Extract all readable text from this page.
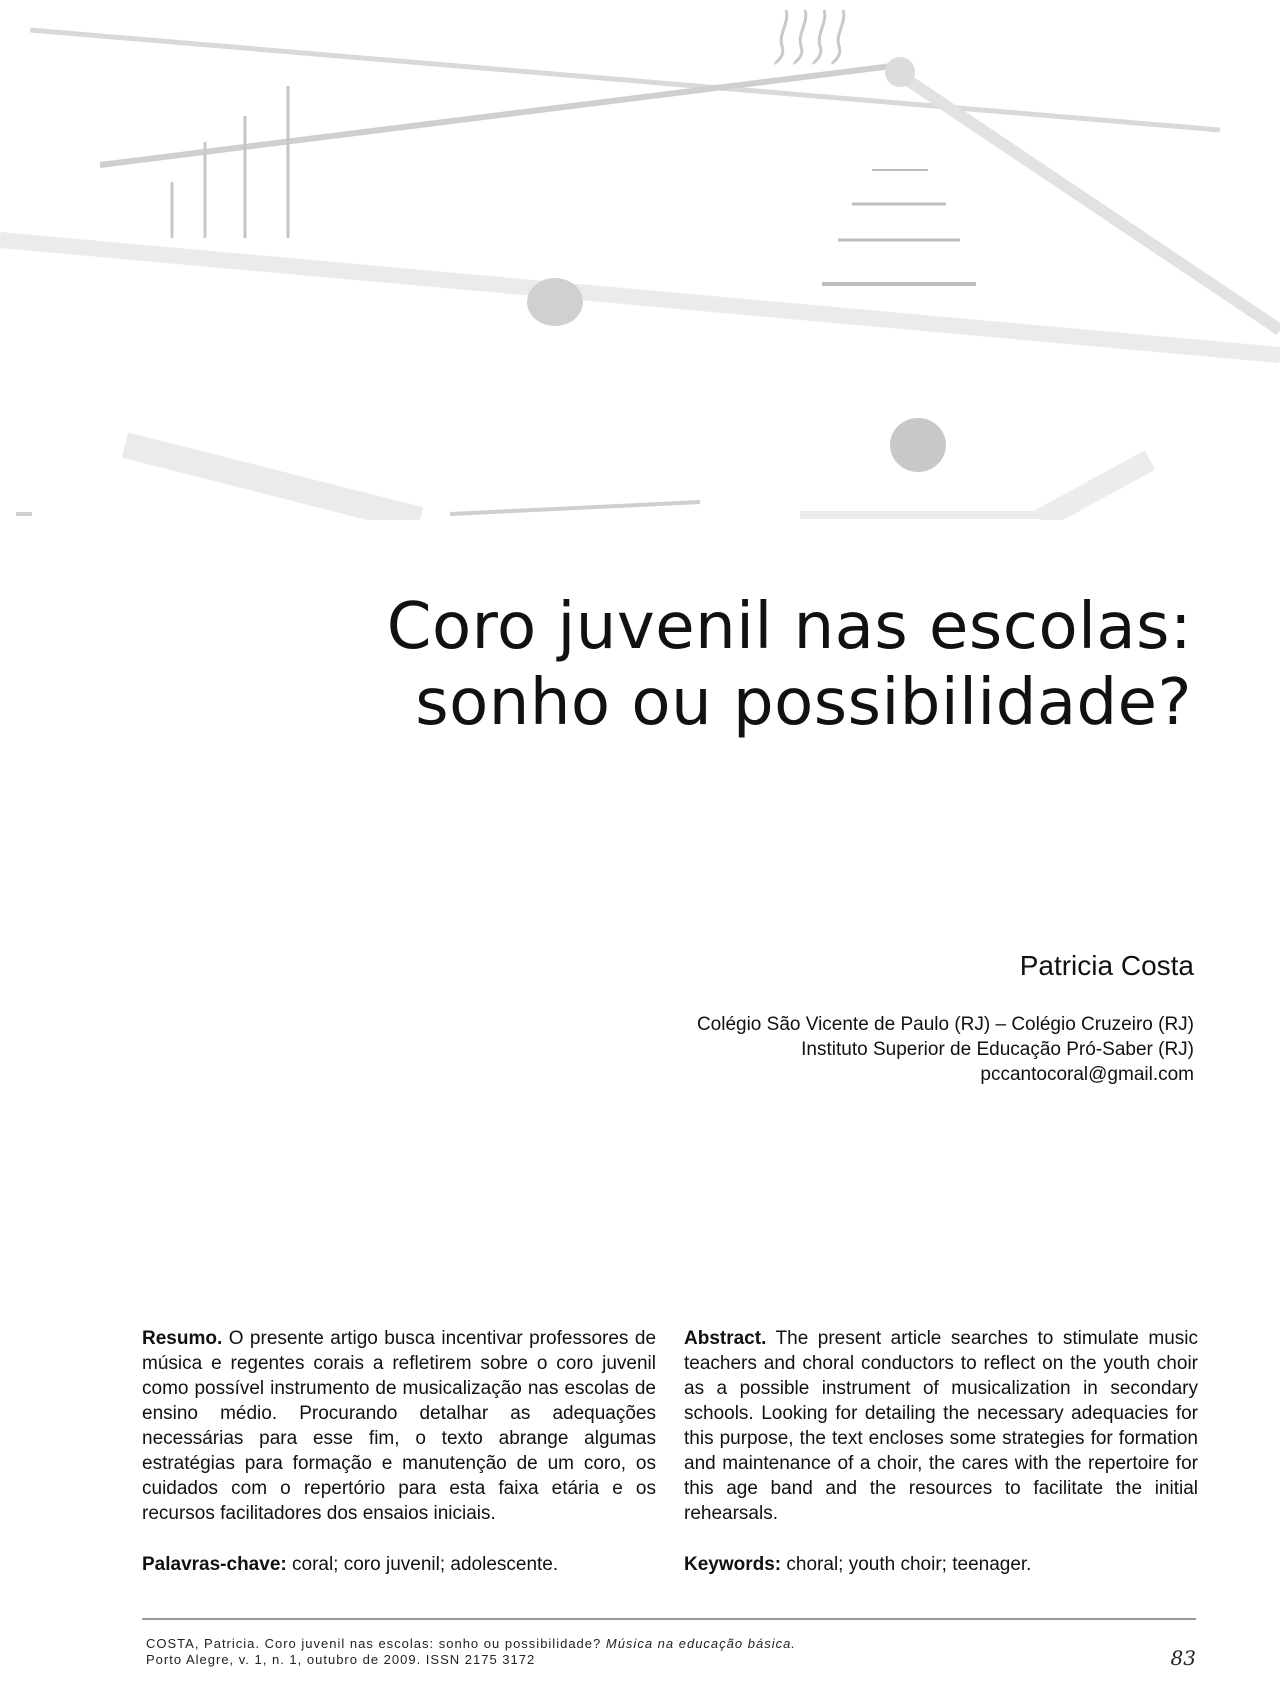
Coro juvenil nas escolas:
sonho ou possibilidade?
Patricia Costa
Colégio São Vicente de Paulo (RJ) – Colégio Cruzeiro (RJ)
Instituto Superior de Educação Pró-Saber (RJ)
pccantocoral@gmail.com

Resumo. O presente artigo busca incentivar professores de música e regentes corais a refletirem sobre o coro juvenil como possível instrumento de musicalização nas escolas de ensino médio. Procurando detalhar as adequações necessárias para esse fim, o texto abrange algumas estratégias para formação e manutenção de um coro, os cuidados com o repertório para esta faixa etária e os recursos facilitadores dos ensaios iniciais.

Palavras-chave: coral; coro juvenil; adolescente.

Abstract. The present article searches to stimulate music teachers and choral conductors to reflect on the youth choir as a possible instrument of musicalization in secondary schools. Looking for detailing the necessary adequacies for this purpose, the text encloses some strategies for formation and maintenance of a choir, the cares with the repertoire for this age band and the resources to facilitate the initial rehearsals.

Keywords: choral; youth choir; teenager.

COSTA, Patricia. Coro juvenil nas escolas: sonho ou possibilidade? Música na educação básica.
Porto Alegre, v. 1, n. 1, outubro de 2009. ISSN 2175 3172	83
